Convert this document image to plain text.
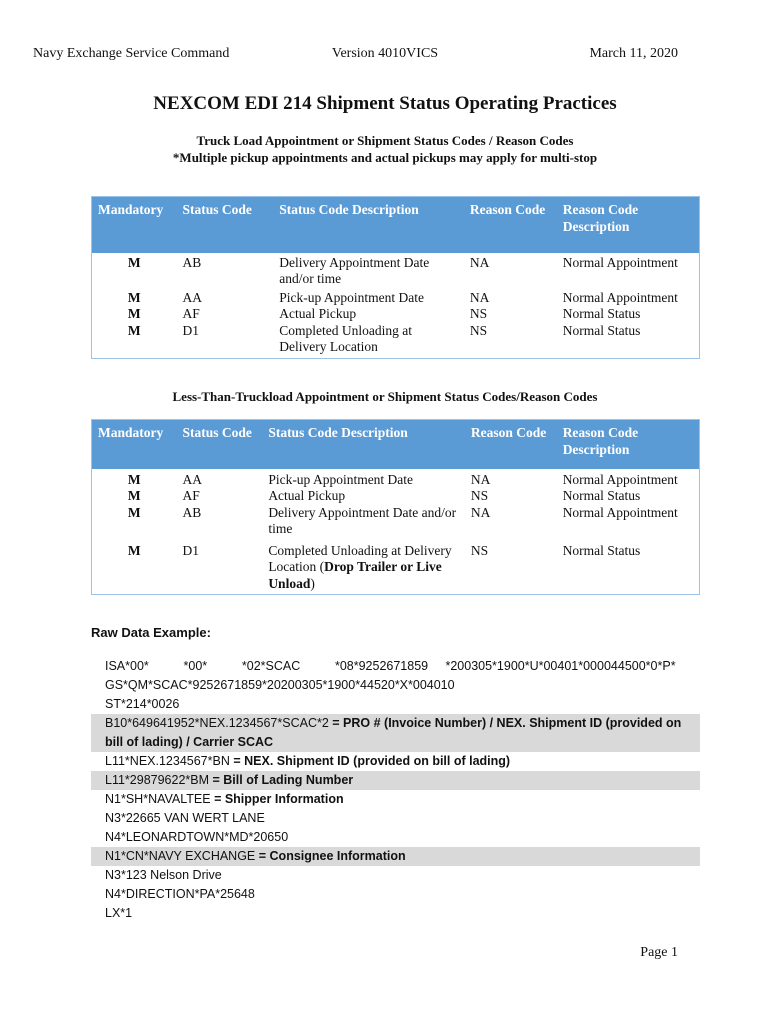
Navy Exchange Service Command	Version 4010VICS	March 11, 2020
NEXCOM EDI 214 Shipment Status Operating Practices
Truck Load Appointment or Shipment Status Codes / Reason Codes
*Multiple pickup appointments and actual pickups may apply for multi-stop
Mandatory	Status Code	Status Code Description	Reason Code	Reason Code Description
M	AB	Delivery Appointment Date and/or time	NA	Normal Appointment
M	AA	Pick-up Appointment Date	NA	Normal Appointment
M	AF	Actual Pickup	NS	Normal Status
M	D1	Completed Unloading at Delivery Location	NS	Normal Status
Less-Than-Truckload Appointment or Shipment Status Codes/Reason Codes
Mandatory	Status Code	Status Code Description	Reason Code	Reason Code Description
M	AA	Pick-up Appointment Date	NA	Normal Appointment
M	AF	Actual Pickup	NS	Normal Status
M	AB	Delivery Appointment Date and/or time	NA	Normal Appointment
M	D1	Completed Unloading at Delivery Location (Drop Trailer or Live Unload)	NS	Normal Status
Raw Data Example:
ISA*00*          *00*          *02*SCAC          *08*9252671859     *200305*1900*U*00401*000044500*0*P*
GS*QM*SCAC*9252671859*20200305*1900*44520*X*004010
ST*214*0026
B10*649641952*NEX.1234567*SCAC*2 = PRO # (Invoice Number) / NEX. Shipment ID (provided on bill of lading) / Carrier SCAC
L11*NEX.1234567*BN = NEX. Shipment ID (provided on bill of lading)
L11*29879622*BM = Bill of Lading Number
N1*SH*NAVALTEE = Shipper Information
N3*22665 VAN WERT LANE
N4*LEONARDTOWN*MD*20650
N1*CN*NAVY EXCHANGE = Consignee Information
N3*123 Nelson Drive
N4*DIRECTION*PA*25648
LX*1
Page 1
